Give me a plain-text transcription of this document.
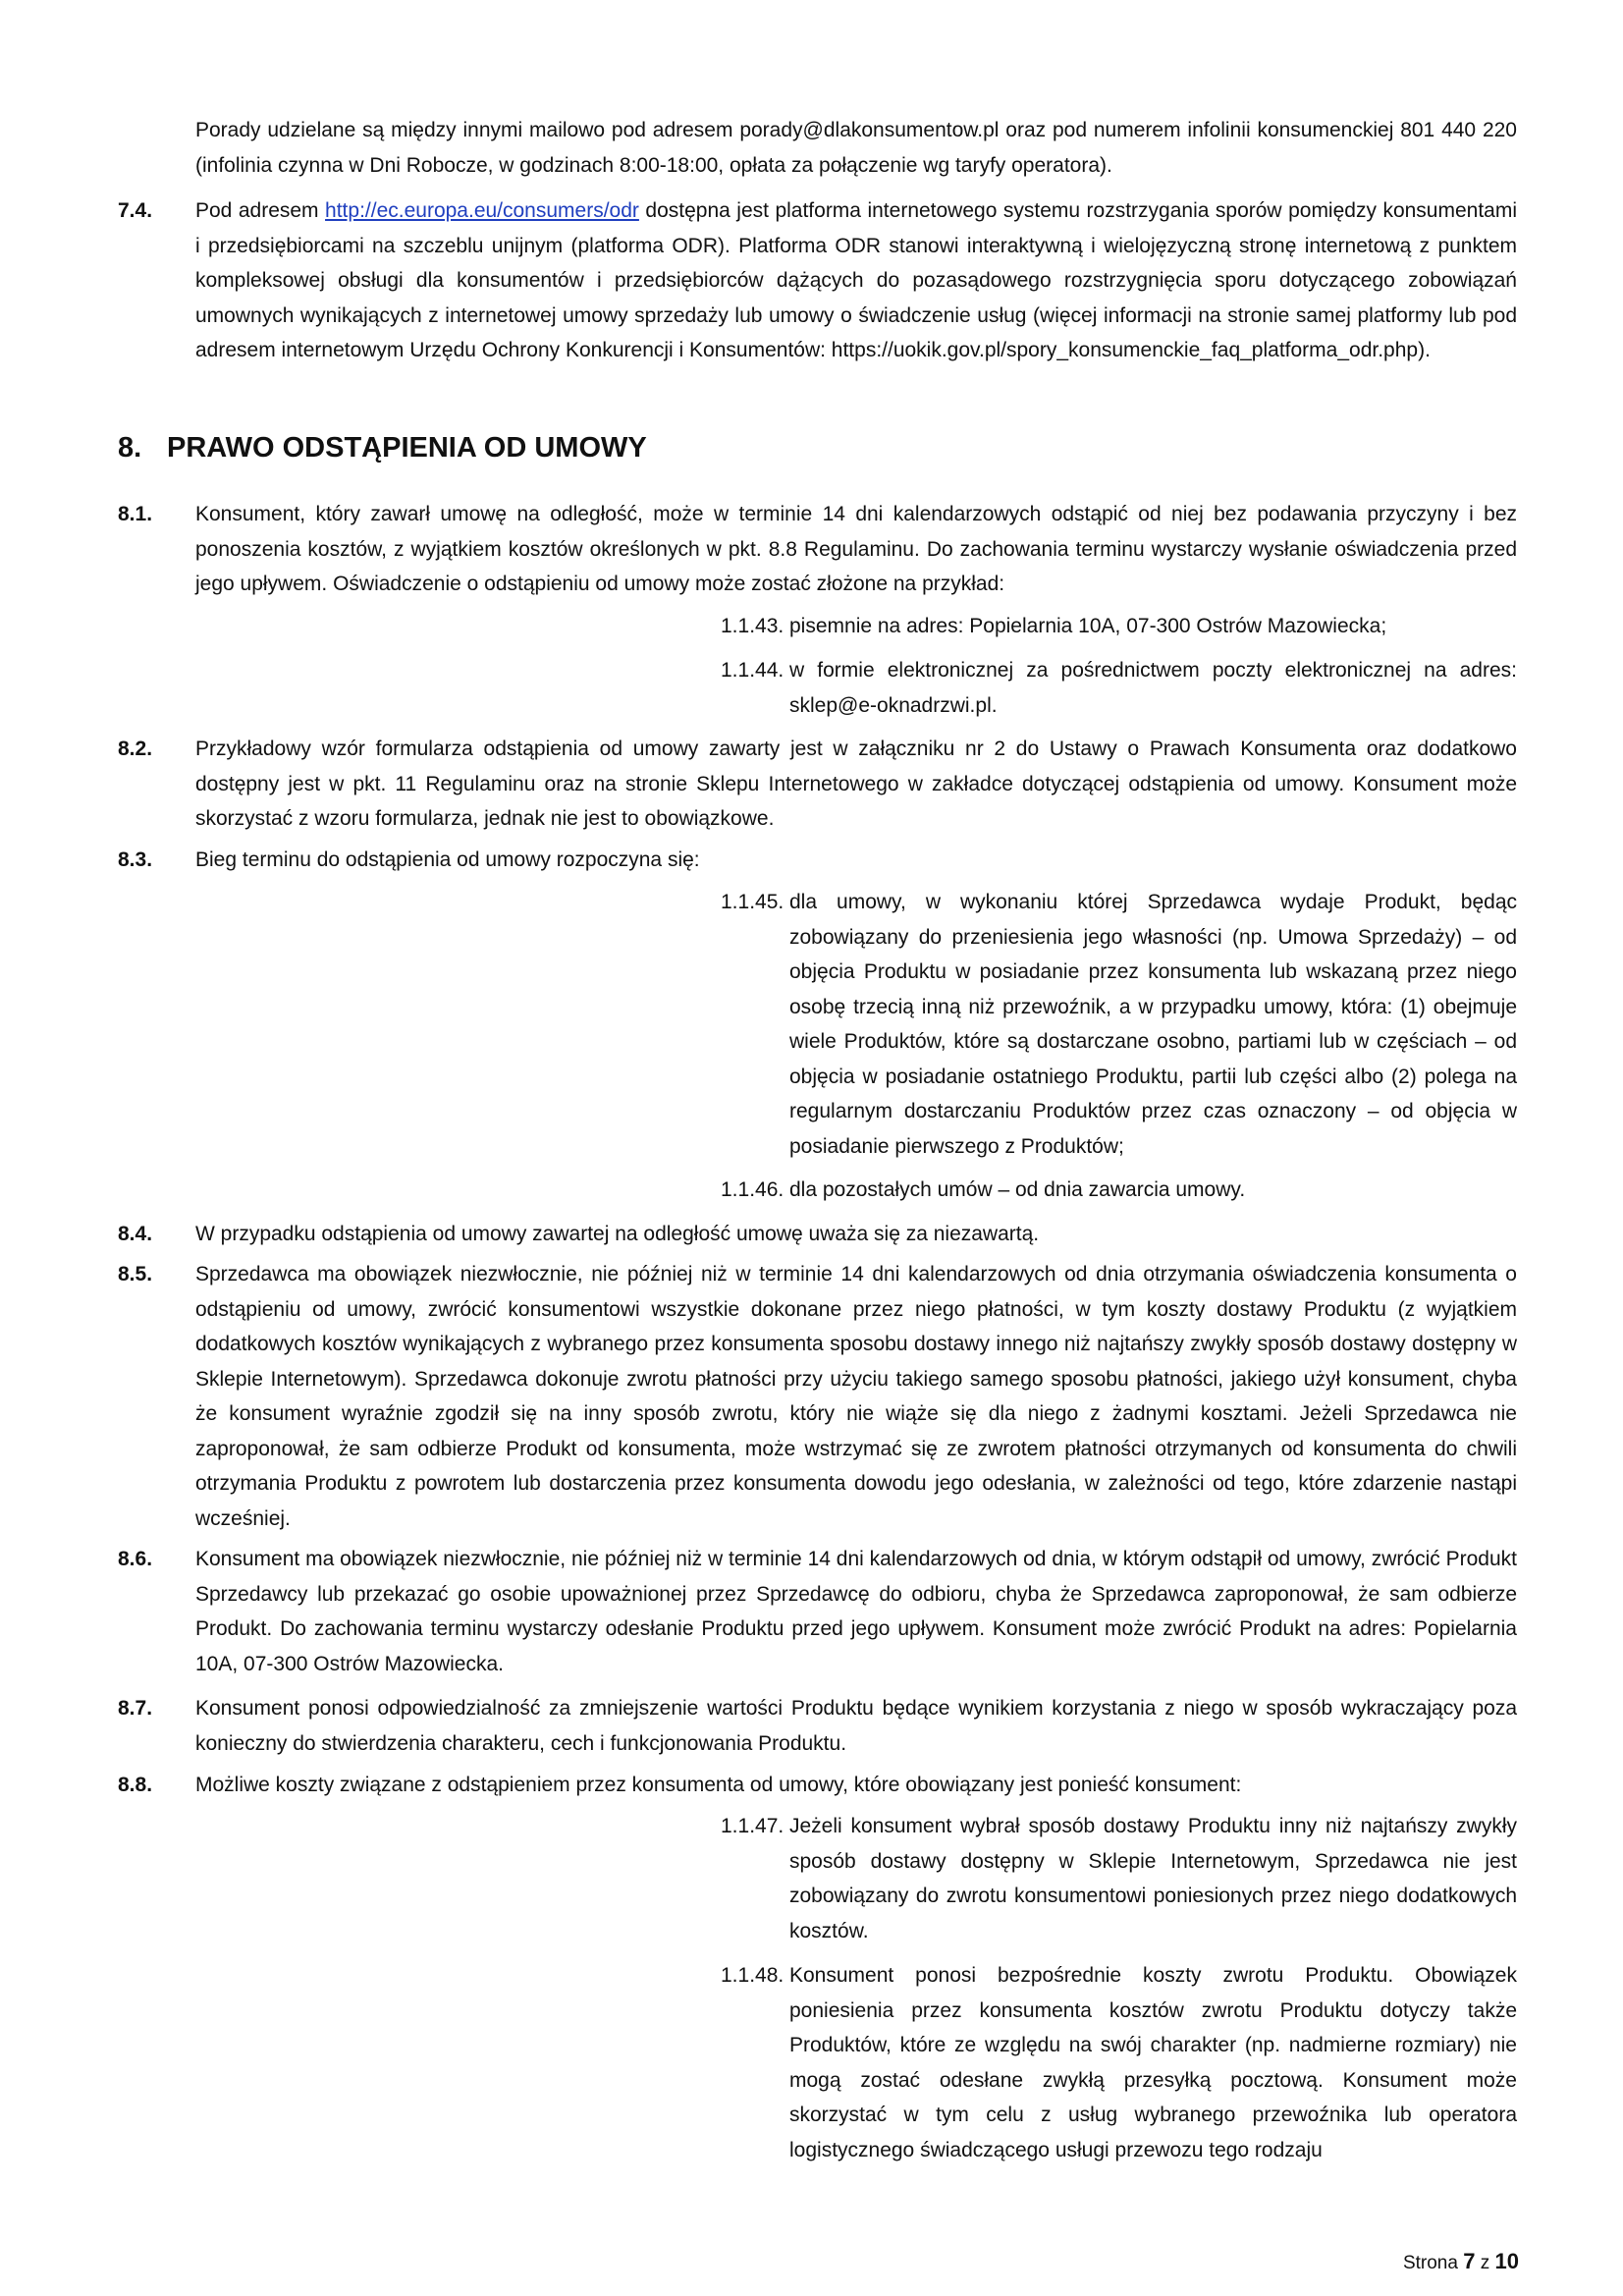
Porady udzielane są między innymi mailowo pod adresem porady@dlakonsumentow.pl oraz pod numerem infolinii konsumenckiej 801 440 220 (infolinia czynna w Dni Robocze, w godzinach 8:00-18:00, opłata za połączenie wg taryfy operatora).
7.4. Pod adresem http://ec.europa.eu/consumers/odr dostępna jest platforma internetowego systemu rozstrzygania sporów pomiędzy konsumentami i przedsiębiorcami na szczeblu unijnym (platforma ODR). Platforma ODR stanowi interaktywną i wielojęzyczną stronę internetową z punktem kompleksowej obsługi dla konsumentów i przedsiębiorców dążących do pozasądowego rozstrzygnięcia sporu dotyczącego zobowiązań umownych wynikających z internetowej umowy sprzedaży lub umowy o świadczenie usług (więcej informacji na stronie samej platformy lub pod adresem internetowym Urzędu Ochrony Konkurencji i Konsumentów: https://uokik.gov.pl/spory_konsumenckie_faq_platforma_odr.php).
8. PRAWO ODSTĄPIENIA OD UMOWY
8.1. Konsument, który zawarł umowę na odległość, może w terminie 14 dni kalendarzowych odstąpić od niej bez podawania przyczyny i bez ponoszenia kosztów, z wyjątkiem kosztów określonych w pkt. 8.8 Regulaminu. Do zachowania terminu wystarczy wysłanie oświadczenia przed jego upływem. Oświadczenie o odstąpieniu od umowy może zostać złożone na przykład:
1.1.43. pisemnie na adres: Popielarnia 10A, 07-300 Ostrów Mazowiecka;
1.1.44. w formie elektronicznej za pośrednictwem poczty elektronicznej na adres: sklep@e-oknadrzwi.pl.
8.2. Przykładowy wzór formularza odstąpienia od umowy zawarty jest w załączniku nr 2 do Ustawy o Prawach Konsumenta oraz dodatkowo dostępny jest w pkt. 11 Regulaminu oraz na stronie Sklepu Internetowego w zakładce dotyczącej odstąpienia od umowy. Konsument może skorzystać z wzoru formularza, jednak nie jest to obowiązkowe.
8.3. Bieg terminu do odstąpienia od umowy rozpoczyna się:
1.1.45. dla umowy, w wykonaniu której Sprzedawca wydaje Produkt, będąc zobowiązany do przeniesienia jego własności (np. Umowa Sprzedaży) – od objęcia Produktu w posiadanie przez konsumenta lub wskazaną przez niego osobę trzecią inną niż przewoźnik, a w przypadku umowy, która: (1) obejmuje wiele Produktów, które są dostarczane osobno, partiami lub w częściach – od objęcia w posiadanie ostatniego Produktu, partii lub części albo (2) polega na regularnym dostarczaniu Produktów przez czas oznaczony – od objęcia w posiadanie pierwszego z Produktów;
1.1.46. dla pozostałych umów – od dnia zawarcia umowy.
8.4. W przypadku odstąpienia od umowy zawartej na odległość umowę uważa się za niezawartą.
8.5. Sprzedawca ma obowiązek niezwłocznie, nie później niż w terminie 14 dni kalendarzowych od dnia otrzymania oświadczenia konsumenta o odstąpieniu od umowy, zwrócić konsumentowi wszystkie dokonane przez niego płatności, w tym koszty dostawy Produktu (z wyjątkiem dodatkowych kosztów wynikających z wybranego przez konsumenta sposobu dostawy innego niż najtańszy zwykły sposób dostawy dostępny w Sklepie Internetowym). Sprzedawca dokonuje zwrotu płatności przy użyciu takiego samego sposobu płatności, jakiego użył konsument, chyba że konsument wyraźnie zgodził się na inny sposób zwrotu, który nie wiąże się dla niego z żadnymi kosztami. Jeżeli Sprzedawca nie zaproponował, że sam odbierze Produkt od konsumenta, może wstrzymać się ze zwrotem płatności otrzymanych od konsumenta do chwili otrzymania Produktu z powrotem lub dostarczenia przez konsumenta dowodu jego odesłania, w zależności od tego, które zdarzenie nastąpi wcześniej.
8.6. Konsument ma obowiązek niezwłocznie, nie później niż w terminie 14 dni kalendarzowych od dnia, w którym odstąpił od umowy, zwrócić Produkt Sprzedawcy lub przekazać go osobie upoważnionej przez Sprzedawcę do odbioru, chyba że Sprzedawca zaproponował, że sam odbierze Produkt. Do zachowania terminu wystarczy odesłanie Produktu przed jego upływem. Konsument może zwrócić Produkt na adres: Popielarnia 10A, 07-300 Ostrów Mazowiecka.
8.7. Konsument ponosi odpowiedzialność za zmniejszenie wartości Produktu będące wynikiem korzystania z niego w sposób wykraczający poza konieczny do stwierdzenia charakteru, cech i funkcjonowania Produktu.
8.8. Możliwe koszty związane z odstąpieniem przez konsumenta od umowy, które obowiązany jest ponieść konsument:
1.1.47. Jeżeli konsument wybrał sposób dostawy Produktu inny niż najtańszy zwykły sposób dostawy dostępny w Sklepie Internetowym, Sprzedawca nie jest zobowiązany do zwrotu konsumentowi poniesionych przez niego dodatkowych kosztów.
1.1.48. Konsument ponosi bezpośrednie koszty zwrotu Produktu. Obowiązek poniesienia przez konsumenta kosztów zwrotu Produktu dotyczy także Produktów, które ze względu na swój charakter (np. nadmierne rozmiary) nie mogą zostać odesłane zwykłą przesyłką pocztową. Konsument może skorzystać w tym celu z usług wybranego przewoźnika lub operatora logistycznego świadczącego usługi przewozu tego rodzaju
Strona 7 z 10
